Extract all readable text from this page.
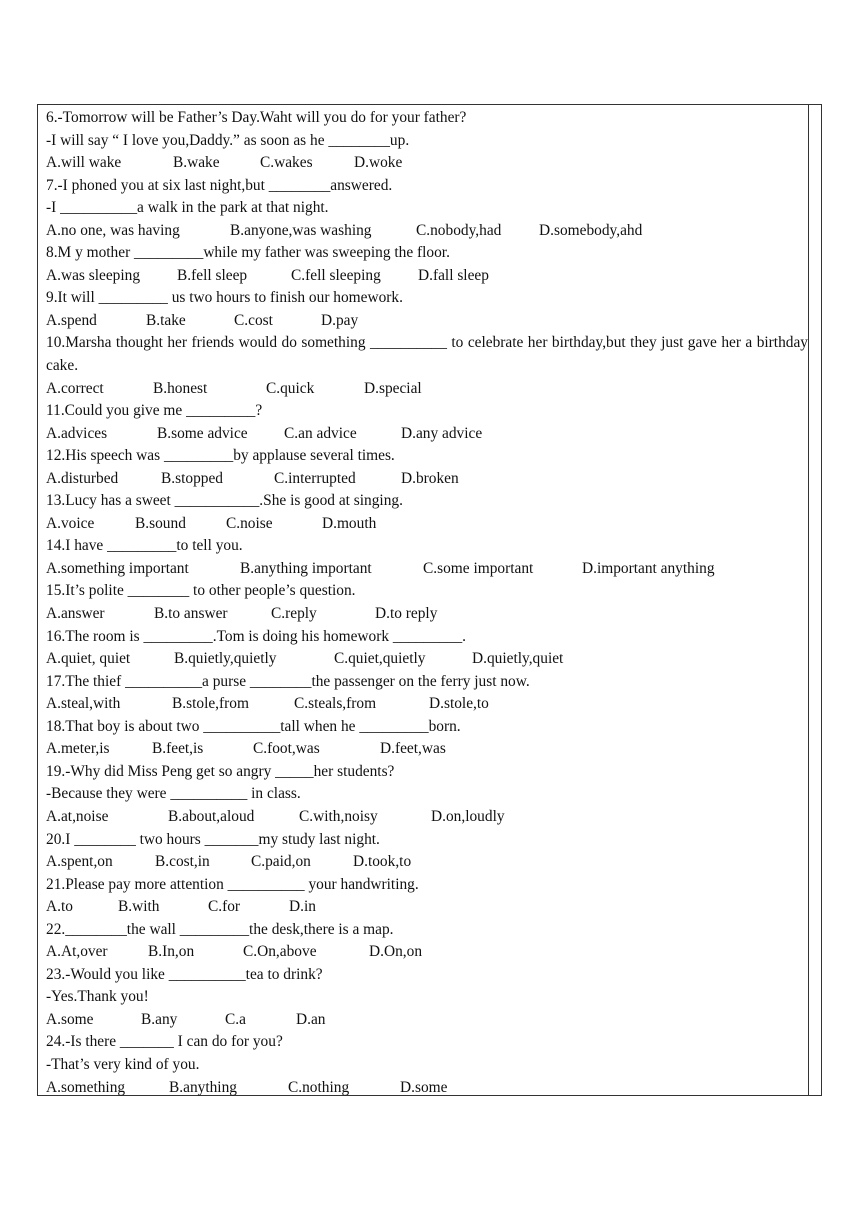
6.-Tomorrow will be Father’s Day.Waht will you do for your father?
-I will say “ I love you,Daddy.” as soon as he ________up.
A.will wake	B.wake	C.wakes	D.woke
7.-I phoned you at six last night,but ________answered.
-I __________a walk in the park at that night.
A.no one, was having	B.anyone,was washing	C.nobody,had	D.somebody,ahd
8.M y mother _________while my father was sweeping the floor.
A.was sleeping	B.fell sleep	C.fell sleeping	D.fall sleep
9.It will _________ us two hours to finish our homework.
A.spend	B.take	C.cost	D.pay
10.Marsha thought her friends would do something __________ to celebrate her birthday,but they just gave her a birthday cake.
A.correct	B.honest	C.quick	D.special
11.Could you give me _________?
A.advices	B.some advice	C.an advice	D.any advice
12.His speech was _________by applause several times.
A.disturbed	B.stopped	C.interrupted	D.broken
13.Lucy has a sweet ___________.She is good at singing.
A.voice	B.sound	C.noise	D.mouth
14.I have _________to tell you.
A.something important	B.anything important	C.some important	D.important anything
15.It’s polite ________ to other people’s question.
A.answer	B.to answer	C.reply	D.to reply
16.The room is _________.Tom is doing his homework _________.
A.quiet, quiet	B.quietly,quietly	C.quiet,quietly	D.quietly,quiet
17.The thief __________a purse ________the passenger on the ferry just now.
A.steal,with	B.stole,from	C.steals,from	D.stole,to
18.That boy is about two __________tall when he _________born.
A.meter,is	B.feet,is	C.foot,was	D.feet,was
19.-Why did Miss Peng get so angry _____her students?
-Because they were __________ in class.
A.at,noise	B.about,aloud	C.with,noisy	D.on,loudly
20.I ________ two hours _______my study last night.
A.spent,on	B.cost,in	C.paid,on	D.took,to
21.Please pay more attention __________ your handwriting.
A.to	B.with	C.for	D.in
22.________the wall _________the desk,there is a map.
A.At,over	B.In,on	C.On,above	D.On,on
23.-Would you like __________tea to drink?
-Yes.Thank you!
A.some	B.any	C.a	D.an
24.-Is there _______ I can do for you?
-That’s very kind of you.
A.something	B.anything	C.nothing	D.some
